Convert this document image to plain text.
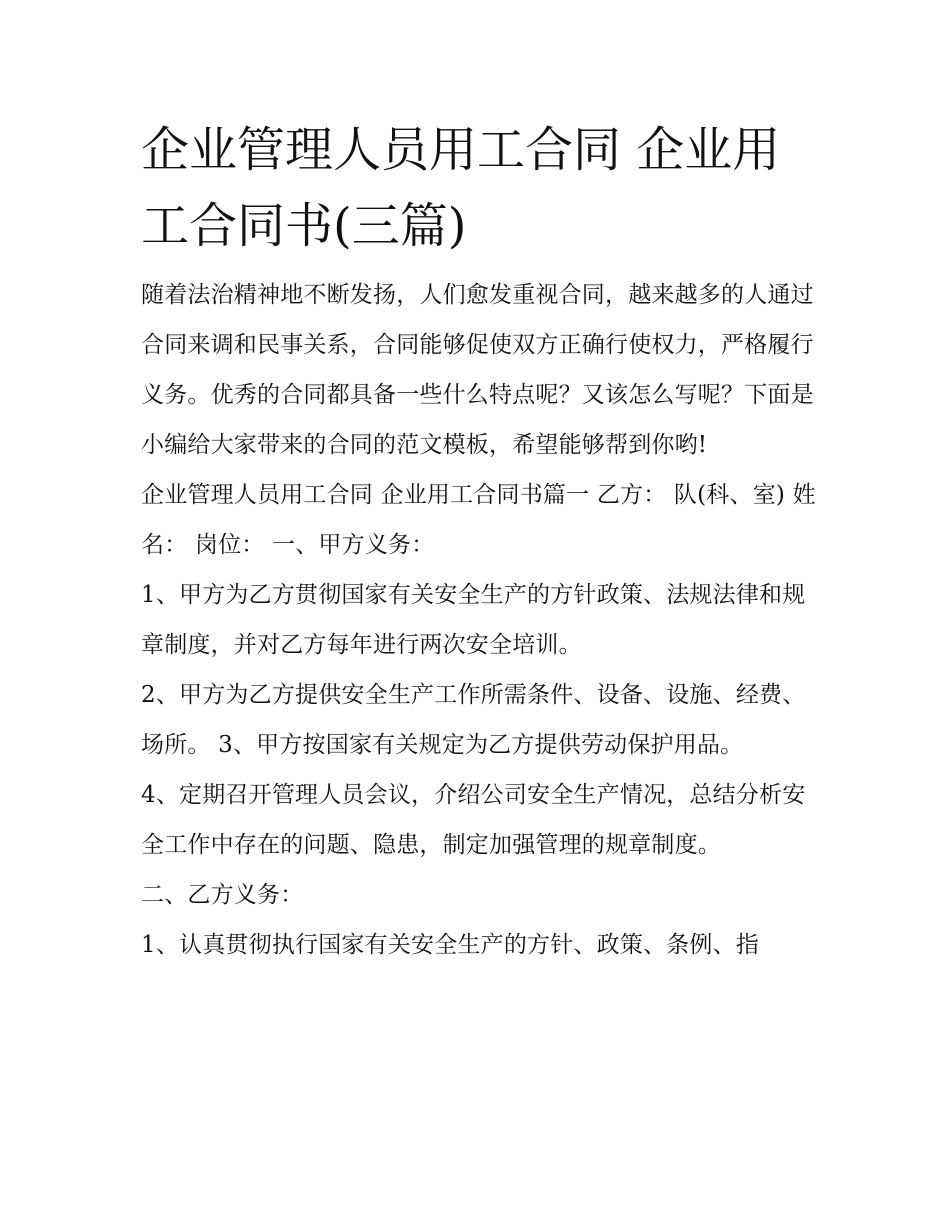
企业管理人员用工合同 企业用工合同书(三篇)

随着法治精神地不断发扬，人们愈发重视合同，越来越多的人通过合同来调和民事关系，合同能够促使双方正确行使权力，严格履行义务。优秀的合同都具备一些什么特点呢？又该怎么写呢？下面是小编给大家带来的合同的范文模板，希望能够帮到你哟!

企业管理人员用工合同 企业用工合同书篇一 乙方： 队(科、室) 姓名： 岗位： 一、甲方义务：

1、甲方为乙方贯彻国家有关安全生产的方针政策、法规法律和规章制度，并对乙方每年进行两次安全培训。

2、甲方为乙方提供安全生产工作所需条件、设备、设施、经费、场所。 3、甲方按国家有关规定为乙方提供劳动保护用品。

4、定期召开管理人员会议，介绍公司安全生产情况，总结分析安全工作中存在的问题、隐患，制定加强管理的规章制度。

二、乙方义务：

1、认真贯彻执行国家有关安全生产的方针、政策、条例、指
